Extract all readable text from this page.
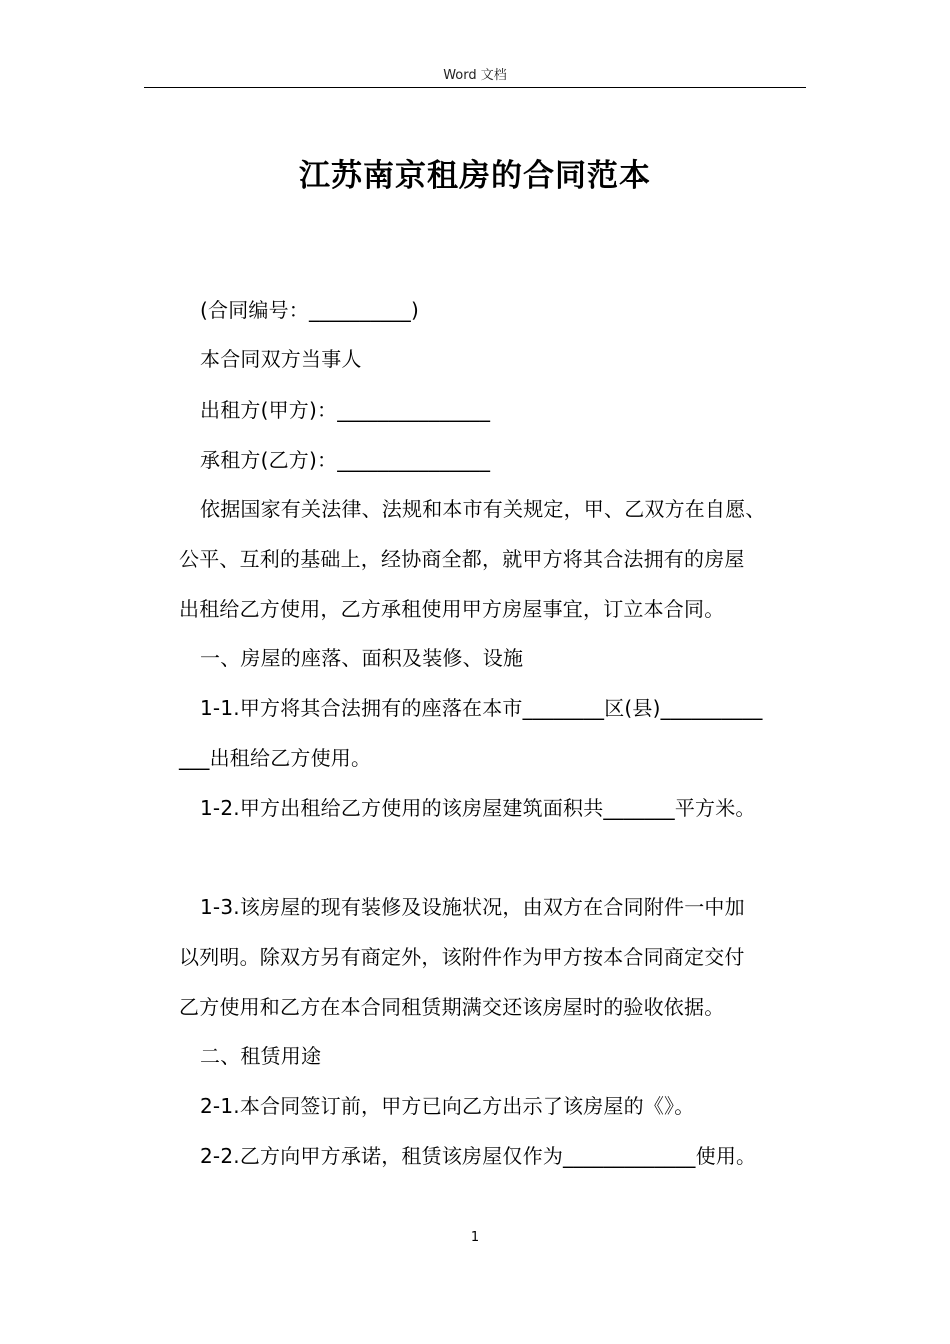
Word 文档
江苏南京租房的合同范本
(合同编号：__________)
本合同双方当事人
出租方(甲方)：_______________
承租方(乙方)：_______________
依据国家有关法律、法规和本市有关规定，甲、乙双方在自愿、
公平、互利的基础上，经协商全都，就甲方将其合法拥有的房屋
出租给乙方使用，乙方承租使用甲方房屋事宜，订立本合同。
一、房屋的座落、面积及装修、设施
1-1.甲方将其合法拥有的座落在本市________区(县)__________
___出租给乙方使用。
1-2.甲方出租给乙方使用的该房屋建筑面积共_______平方米。
1-3.该房屋的现有装修及设施状况，由双方在合同附件一中加
以列明。除双方另有商定外，该附件作为甲方按本合同商定交付
乙方使用和乙方在本合同租赁期满交还该房屋时的验收依据。
二、租赁用途
2-1.本合同签订前，甲方已向乙方出示了该房屋的《》。
2-2.乙方向甲方承诺，租赁该房屋仅作为_____________使用。
1
